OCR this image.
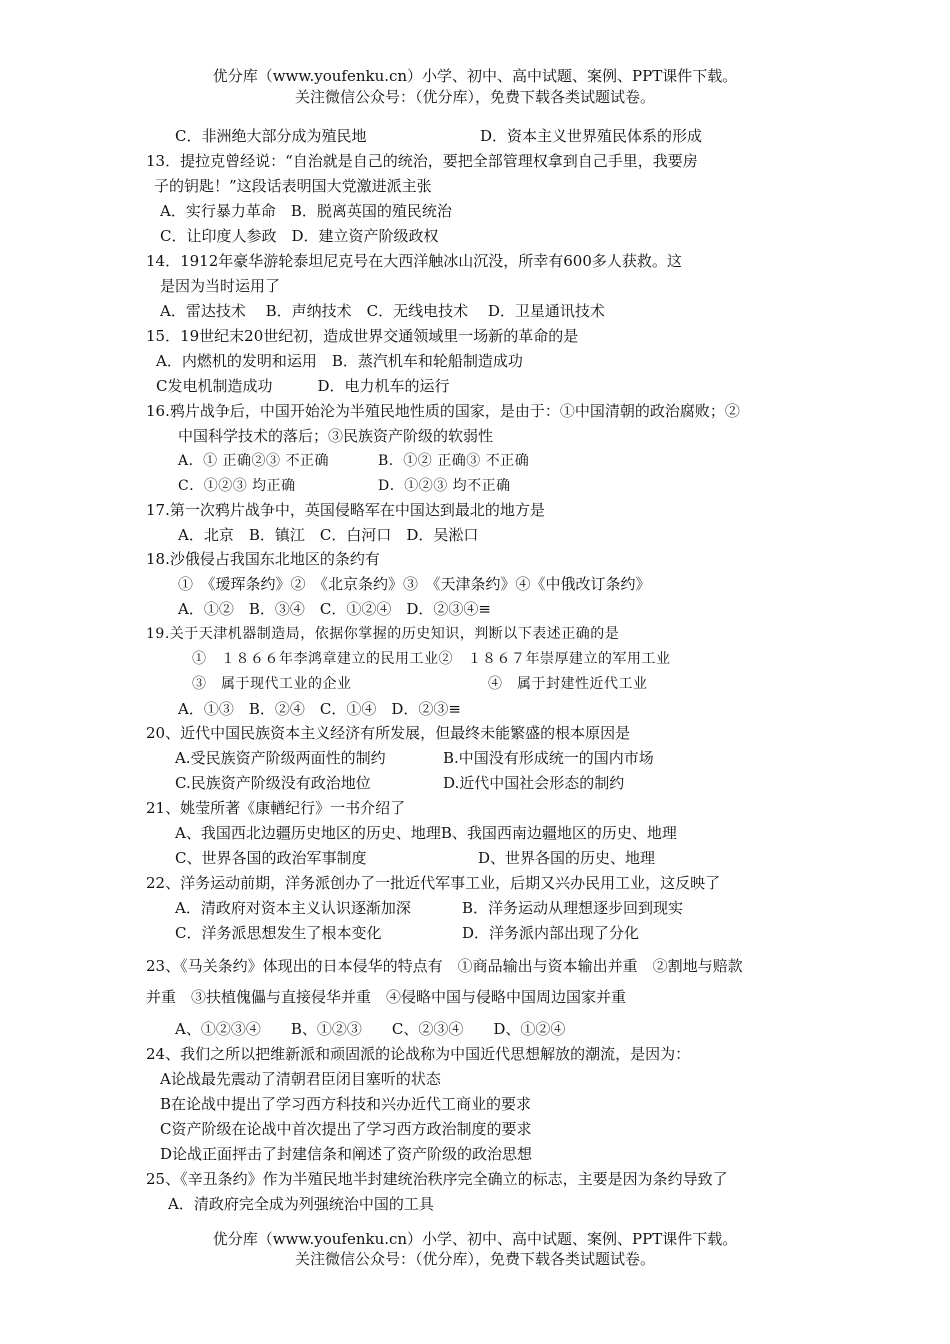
优分库（www.youfenku.cn）小学、初中、高中试题、案例、PPT课件下载。
关注微信公众号：（优分库），免费下载各类试题试卷。
C．非洲绝大部分成为殖民地	D．资本主义世界殖民体系的形成
13．提拉克曾经说：“自治就是自己的统治，要把全部管理权拿到自己手里，我要房
子的钥匙！”这段话表明国大党激进派主张
A．实行暴力革命　B．脱离英国的殖民统治
C．让印度人参政　D．建立资产阶级政权
14．1912年豪华游轮泰坦尼克号在大西洋触冰山沉没，所幸有600多人获救。这
是因为当时运用了
A．雷达技术　 B．声纳技术　C．无线电技术　 D．卫星通讯技术
15．19世纪末20世纪初，造成世界交通领域里一场新的革命的是
A．内燃机的发明和运用　B．蒸汽机车和轮船制造成功
C发电机制造成功　　　D．电力机车的运行
16.鸦片战争后，中国开始沦为半殖民地性质的国家，是由于：①中国清朝的政治腐败；②
中国科学技术的落后；③民族资产阶级的软弱性
A．① 正确②③ 不正确	B．①② 正确③ 不正确
C．①②③ 均正确	D．①②③ 均不正确
17.第一次鸦片战争中，英国侵略军在中国达到最北的地方是
A．北京　B．镇江　C．白河口　D．吴淞口
18.沙俄侵占我国东北地区的条约有
①　《瑷珲条约》②　《北京条约》③　《天津条约》④《中俄改订条约》
A．①②　B．③④　C．①②④　D．②③④≡
19.关于天津机器制造局，依据你掌握的历史知识，判断以下表述正确的是
①　１８６６年李鸿章建立的民用工业②　１８６７年崇厚建立的军用工业
③　属于现代工业的企业	④　属于封建性近代工业
A．①③　B．②④　C．①④　D．②③≡
20、近代中国民族资本主义经济有所发展，但最终未能繁盛的根本原因是
A.受民族资产阶级两面性的制约	B.中国没有形成统一的国内市场
C.民族资产阶级没有政治地位	D.近代中国社会形态的制约
21、姚莹所著《康輶纪行》一书介绍了
A、我国西北边疆历史地区的历史、地理B、我国西南边疆地区的历史、地理
C、世界各国的政治军事制度	D、世界各国的历史、地理
22、洋务运动前期，洋务派创办了一批近代军事工业，后期又兴办民用工业，这反映了
A．清政府对资本主义认识逐渐加深	B．洋务运动从理想逐步回到现实
C．洋务派思想发生了根本变化	D．洋务派内部出现了分化
23、《马关条约》体现出的日本侵华的特点有　①商品输出与资本输出并重　②割地与赔款
并重　③扶植傀儡与直接侵华并重　④侵略中国与侵略中国周边国家并重
A、①②③④　　B、①②③　　C、②③④　　D、①②④
24、我们之所以把维新派和顽固派的论战称为中国近代思想解放的潮流，是因为：
A论战最先震动了清朝君臣闭目塞听的状态
B在论战中提出了学习西方科技和兴办近代工商业的要求
C资产阶级在论战中首次提出了学习西方政治制度的要求
D论战正面抨击了封建信条和阐述了资产阶级的政治思想
25、《辛丑条约》作为半殖民地半封建统治秩序完全确立的标志，主要是因为条约导致了
A．清政府完全成为列强统治中国的工具
优分库（www.youfenku.cn）小学、初中、高中试题、案例、PPT课件下载。
关注微信公众号：（优分库），免费下载各类试题试卷。
